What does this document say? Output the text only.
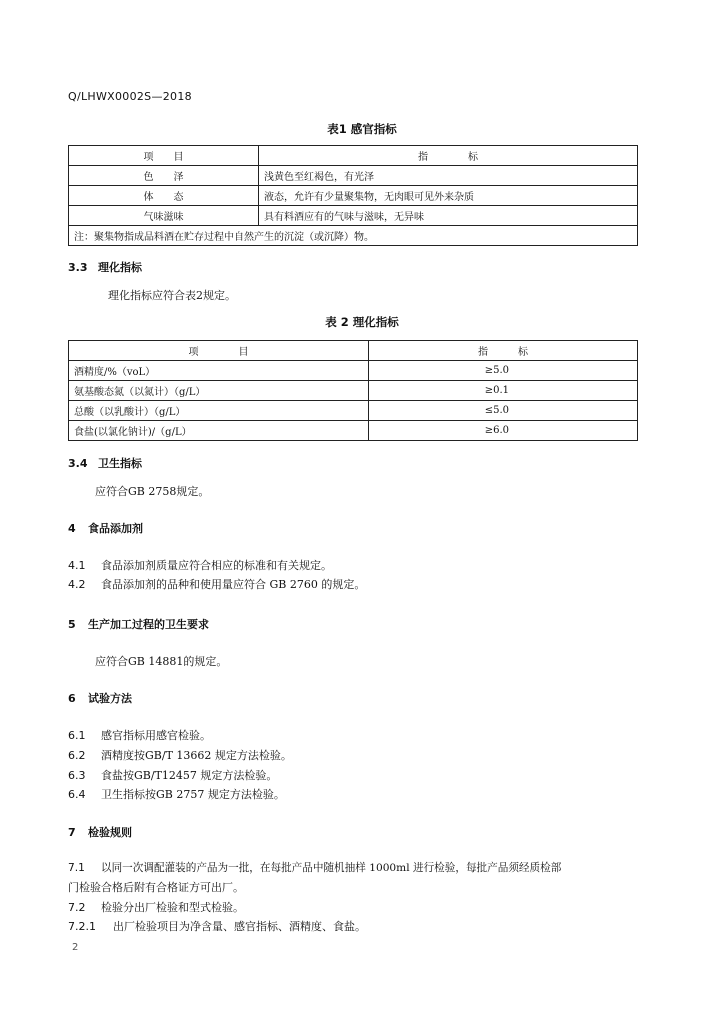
Q/LHWX0002S—2018
表1 感官指标
项　　目	指　　　　标
色　　泽	浅黄色至红褐色，有光泽
体　　态	液态，允许有少量聚集物，无肉眼可见外来杂质
气味滋味	具有料酒应有的气味与滋味，无异味
注：聚集物指成品料酒在贮存过程中自然产生的沉淀（或沉降）物。	
3.3 理化指标
理化指标应符合表2规定。
表 2 理化指标
项　　　　目	指　　　标
酒精度/%（voL）	≥5.0
氨基酸态氮（以氮计）（g/L）	≥0.1
总酸（以乳酸计）（g/L）	≤5.0
食盐(以氯化钠计)/（g/L）	≥6.0
3.4 卫生指标
应符合GB 2758规定。
4 食品添加剂
4.1 食品添加剂质量应符合相应的标准和有关规定。
4.2 食品添加剂的品种和使用量应符合 GB 2760 的规定。
5 生产加工过程的卫生要求
应符合GB 14881的规定。
6 试验方法
6.1 感官指标用感官检验。
6.2 酒精度按GB/T 13662 规定方法检验。
6.3 食盐按GB/T12457 规定方法检验。
6.4 卫生指标按GB 2757 规定方法检验。
7 检验规则
7.1 以同一次调配灌装的产品为一批，在每批产品中随机抽样 1000ml 进行检验，每批产品须经质检部
门检验合格后附有合格证方可出厂。
7.2 检验分出厂检验和型式检验。
7.2.1 出厂检验项目为净含量、感官指标、酒精度、食盐。
2
